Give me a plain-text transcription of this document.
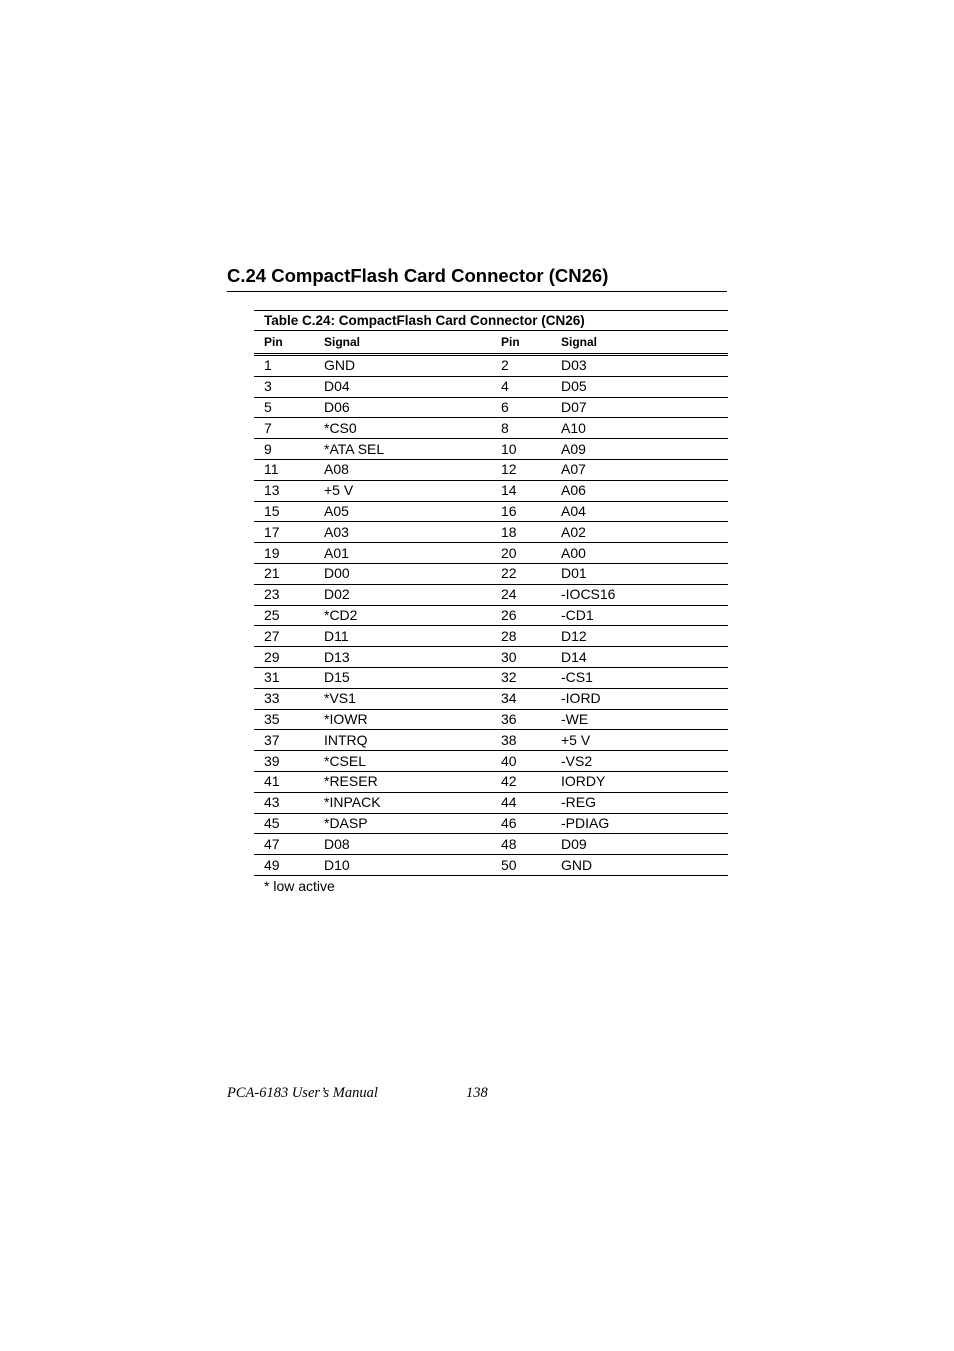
C.24 CompactFlash Card Connector (CN26)
Table C.24: CompactFlash Card Connector (CN26)
Pin	Signal	Pin	Signal
1	GND	2	D03
3	D04	4	D05
5	D06	6	D07
7	*CS0	8	A10
9	*ATA SEL	10	A09
11	A08	12	A07
13	+5 V	14	A06
15	A05	16	A04
17	A03	18	A02
19	A01	20	A00
21	D00	22	D01
23	D02	24	-IOCS16
25	*CD2	26	-CD1
27	D11	28	D12
29	D13	30	D14
31	D15	32	-CS1
33	*VS1	34	-IORD
35	*IOWR	36	-WE
37	INTRQ	38	+5 V
39	*CSEL	40	-VS2
41	*RESER	42	IORDY
43	*INPACK	44	-REG
45	*DASP	46	-PDIAG
47	D08	48	D09
49	D10	50	GND
* low active
PCA-6183 User’s Manual	138
